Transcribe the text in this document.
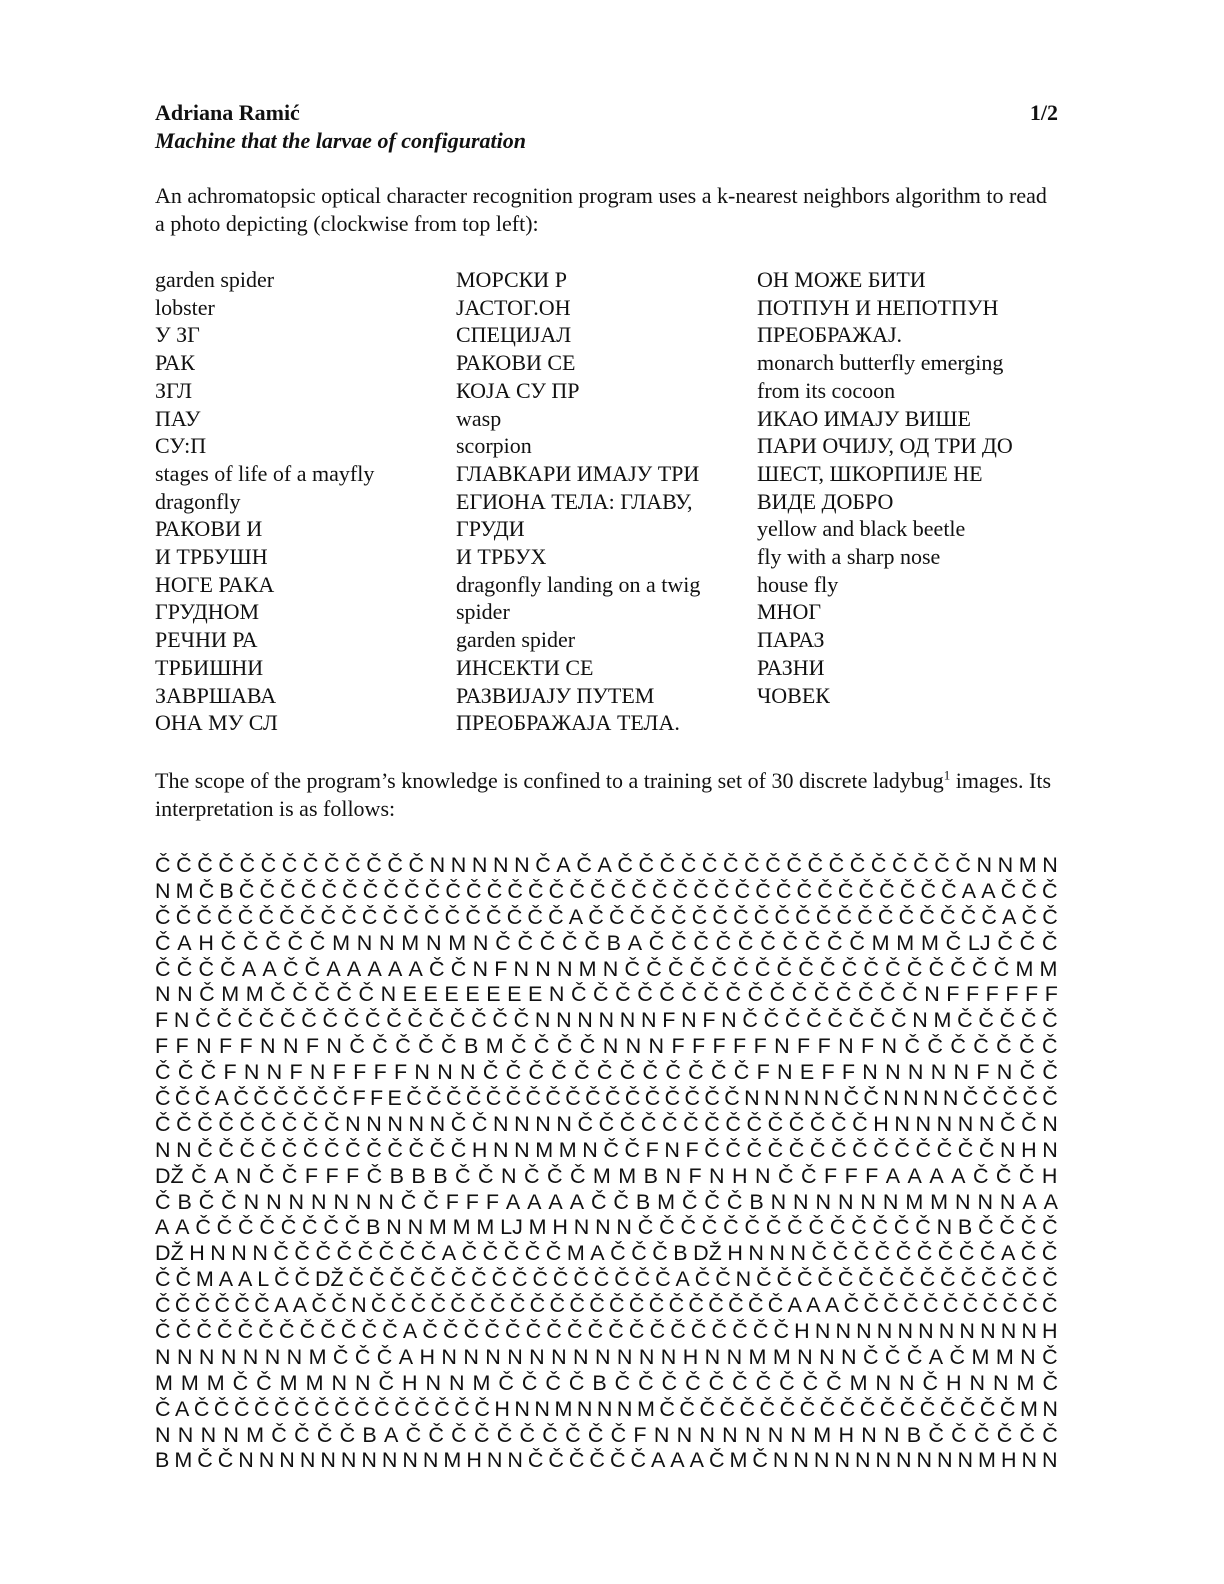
Adriana Ramić	1/2
Machine that the larvae of configuration
An achromatopsic optical character recognition program uses a k-nearest neighbors algorithm to read a photo depicting (clockwise from top left):
garden spider
lobster
У ЗГ
РАК
ЗГЛ
ПАУ
СУ:П
stages of life of a mayfly
dragonfly
РАКОВИ И
И ТРБУШН
НОГЕ РАКА
ГРУДНОМ
РЕЧНИ РА
ТРБИШНИ
ЗАВРШАВА
ОНА МУ СЛ
МОРСКИ Р
ЈАСТОГ.ОН
СПЕЦИЈАЛ
РАКОВИ СЕ
КОЈА СУ ПР
wasp
scorpion
ГЛАВКАРИ ИМАЈУ ТРИ
ЕГИОНА ТЕЛА: ГЛАВУ,
ГРУДИ
И ТРБУХ
dragonfly landing on a twig
spider
garden spider
ИНСЕКТИ СЕ
РАЗВИЈАЈУ ПУТЕМ
ПРЕОБРАЖАЈА ТЕЛА.
ОН МОЖЕ БИТИ
ПОТПУН И НЕПОТПУН
ПРЕОБРАЖАЈ.
monarch butterfly emerging
from its cocoon
ИКАО ИМАЈУ ВИШЕ
ПАРИ ОЧИЈУ, ОД ТРИ ДО
ШЕСТ, ШКОРПИЈЕ НЕ
ВИДЕ ДОБРО
yellow and black beetle
fly with a sharp nose
house fly
МНОГ
ПАРАЗ
РАЗНИ
ЧОВЕК
The scope of the program’s knowledge is confined to a training set of 30 discrete ladybug$^1$ images. Its interpretation is as follows:
Č Č Č Č Č Č Č Č Č Č Č Č Č N N N N N Č A Č A Č Č Č Č Č Č Č Č Č Č Č Č Č Č Č Č Č N N M N
N M Č B Č Č Č Č Č Č Č Č Č Č Č Č Č Č Č Č Č Č Č Č Č Č Č Č Č Č Č Č Č Č Č Č Č Č Č A A Č Č Č
Č Č Č Č Č Č Č Č Č Č Č Č Č Č Č Č Č Č Č Č A Č Č Č Č Č Č Č Č Č Č Č Č Č Č Č Č Č Č Č Č A Č Č
Č A H Č Č Č Č Č M N N M N M N Č Č Č Č Č B A Č Č Č Č Č Č Č Č Č Č M M M Č LJ Č Č Č
Č Č Č Č A A Č Č A A A A A Č Č N F N N N M N Č Č Č Č Č Č Č Č Č Č Č Č Č Č Č Č Č Č M M
N N Č M M Č Č Č Č Č N E E E E E E E N Č Č Č Č Č Č Č Č Č Č Č Č Č Č Č Č N F F F F F F
F N Č Č Č Č Č Č Č Č Č Č Č Č Č Č Č Č N N N N N N F N F N Č Č Č Č Č Č Č Č N M Č Č Č Č Č
F F N F F N N F N Č Č Č Č Č B M Č Č Č Č N N N F F F F F N F F N F N Č Č Č Č Č Č Č
Č Č Č F N N F N F F F F N N N Č Č Č Č Č Č Č Č Č Č Č Č F N E F F N N N N N F N Č Č
Č Č Č A Č Č Č Č Č Č F F E Č Č Č Č Č Č Č Č Č Č Č Č Č Č Č Č Č N N N N N Č Č N N N N Č Č Č Č Č
Č Č Č Č Č Č Č Č Č N N N N N Č Č N N N N Č Č Č Č Č Č Č Č Č Č Č Č Č Č H N N N N N Č Č N
N N Č Č Č Č Č Č Č Č Č Č Č Č Č H N N M M N Č Č F N F Č Č Č Č Č Č Č Č Č Č Č Č Č Č N H N
DŽ Č A N Č Č F F F Č B B B Č Č N Č Č Č M M B N F N H N Č Č F F F A A A A Č Č Č H
Č B Č Č N N N N N N N Č Č F F F A A A A Č Č B M Č Č Č B N N N N N N M M N N N A A
A A Č Č Č Č Č Č Č Č B N N M M M LJ M H N N N Č Č Č Č Č Č Č Č Č Č Č Č Č Č N B Č Č Č Č
DŽ H N N N Č Č Č Č Č Č Č Č A Č Č Č Č Č M A Č Č Č B DŽ H N N N Č Č Č Č Č Č Č Č Č A Č Č
Č Č M A A L Č Č DŽ Č Č Č Č Č Č Č Č Č Č Č Č Č Č Č Č A Č Č N Č Č Č Č Č Č Č Č Č Č Č Č Č Č Č
Č Č Č Č Č Č A A Č Č N Č Č Č Č Č Č Č Č Č Č Č Č Č Č Č Č Č Č Č Č Č A A A Č Č Č Č Č Č Č Č Č Č Č
Č Č Č Č Č Č Č Č Č Č Č Č A Č Č Č Č Č Č Č Č Č Č Č Č Č Č Č Č Č Č H N N N N N N N N N N N H
N N N N N N N M Č Č Č A H N N N N N N N N N N N H N N M M N N N Č Č Č A Č M M N Č
M M M Č Č M M N N Č H N N M Č Č Č Č B Č Č Č Č Č Č Č Č Č Č M N N Č H N N M Č
Č A Č Č Č Č Č Č Č Č Č Č Č Č Č Č Č H N N M N N N M Č Č Č Č Č Č Č Č Č Č Č Č Č Č Č Č Č Č M N
N N N N M Č Č Č Č B A Č Č Č Č Č Č Č Č Č Č F N N N N N N N M H N N B Č Č Č Č Č Č
B M Č Č N N N N N N N N N N M H N N Č Č Č Č Č Č A A A Č M Č N N N N N N N N N N M H N N
